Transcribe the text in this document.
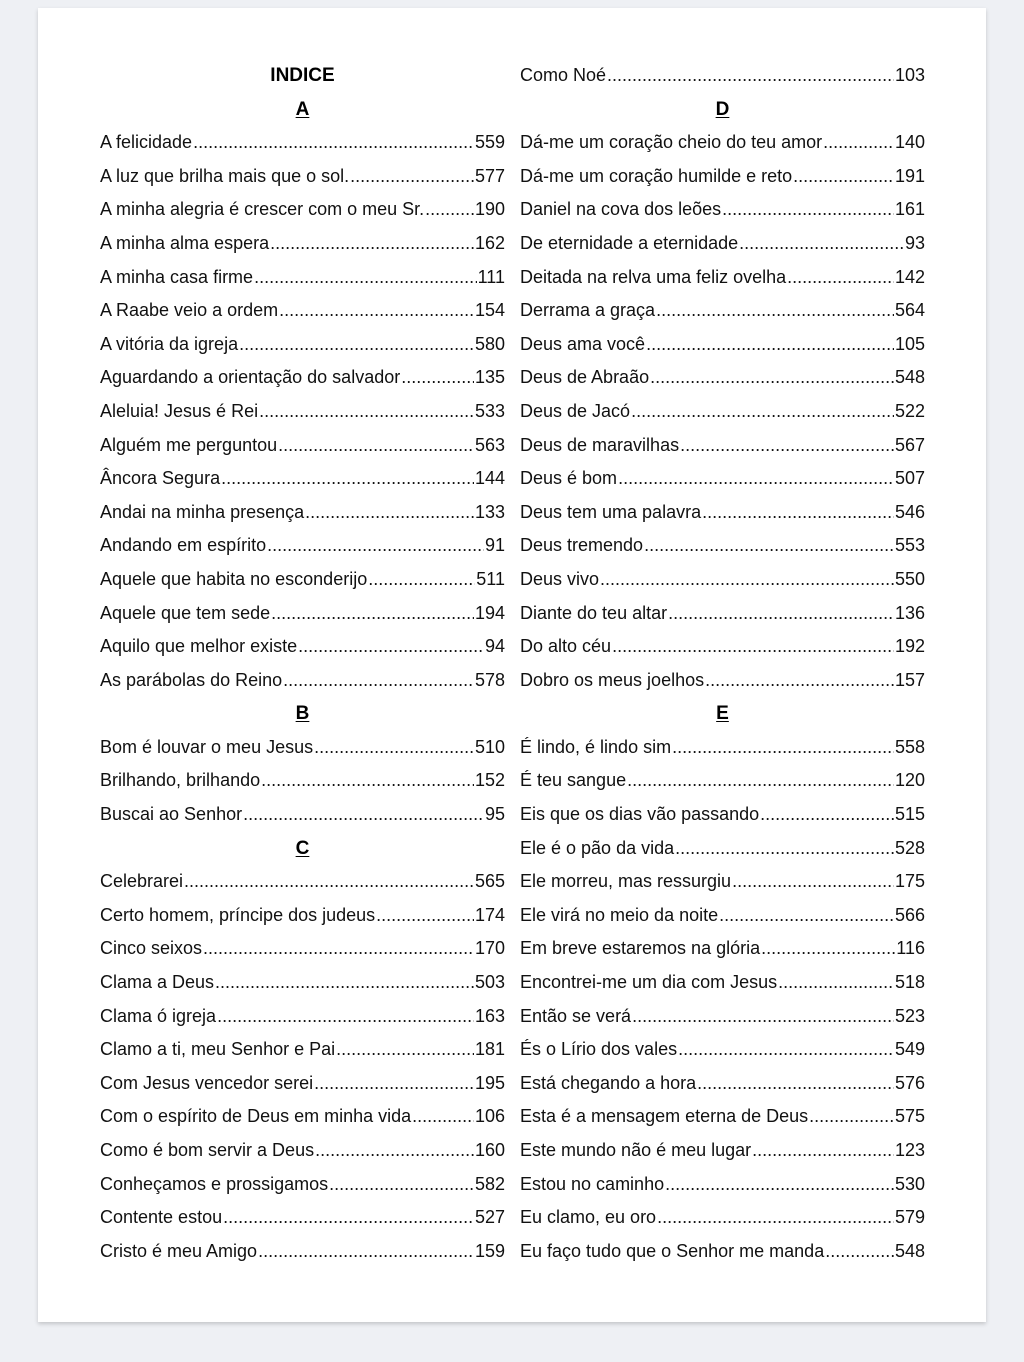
INDICE
A
A felicidade .....	559
A luz que brilha mais que o sol. .....	577
A minha alegria é crescer com o meu Sr. .....	190
A minha alma espera .....	162
A minha casa firme .....	111
A Raabe veio a ordem .....	154
A vitória da igreja .....	580
Aguardando a orientação do salvador .....	135
Aleluia! Jesus é Rei .....	533
Alguém me perguntou .....	563
Âncora Segura .....	144
Andai na minha presença .....	133
Andando em espírito .....	91
Aquele que habita no esconderijo .....	511
Aquele que tem sede .....	194
Aquilo que melhor existe .....	94
As parábolas do Reino .....	578
B
Bom é louvar o meu Jesus .....	510
Brilhando, brilhando .....	152
Buscai ao Senhor .....	95
C
Celebrarei .....	565
Certo homem, príncipe dos judeus .....	174
Cinco seixos .....	170
Clama a Deus .....	503
Clama ó igreja .....	163
Clamo a ti, meu Senhor e Pai .....	181
Com Jesus vencedor serei .....	195
Com o espírito de Deus em minha vida .....	106
Como é bom servir a Deus .....	160
Conheçamos e prossigamos .....	582
Contente estou .....	527
Cristo é meu Amigo .....	159
Como Noé .....	103
D
Dá-me um coração cheio do teu amor .....	140
Dá-me um coração humilde e reto .....	191
Daniel na cova dos leões .....	161
De eternidade a eternidade .....	93
Deitada na relva uma feliz ovelha .....	142
Derrama a graça .....	564
Deus ama você .....	105
Deus de Abraão .....	548
Deus de Jacó .....	522
Deus de maravilhas .....	567
Deus é bom .....	507
Deus tem uma palavra .....	546
Deus tremendo .....	553
Deus vivo .....	550
Diante do teu altar .....	136
Do alto céu .....	192
Dobro os meus joelhos .....	157
E
É lindo, é lindo sim .....	558
É teu sangue .....	120
Eis que os dias vão passando .....	515
Ele é o pão da vida .....	528
Ele morreu, mas ressurgiu .....	175
Ele virá no meio da noite .....	566
Em breve estaremos na glória .....	116
Encontrei-me um dia com Jesus .....	518
Então se verá .....	523
És o Lírio dos vales .....	549
Está chegando a hora .....	576
Esta é a mensagem eterna de Deus .....	575
Este mundo não é meu lugar .....	123
Estou no caminho .....	530
Eu clamo, eu oro .....	579
Eu faço tudo que o Senhor me manda .....	548
